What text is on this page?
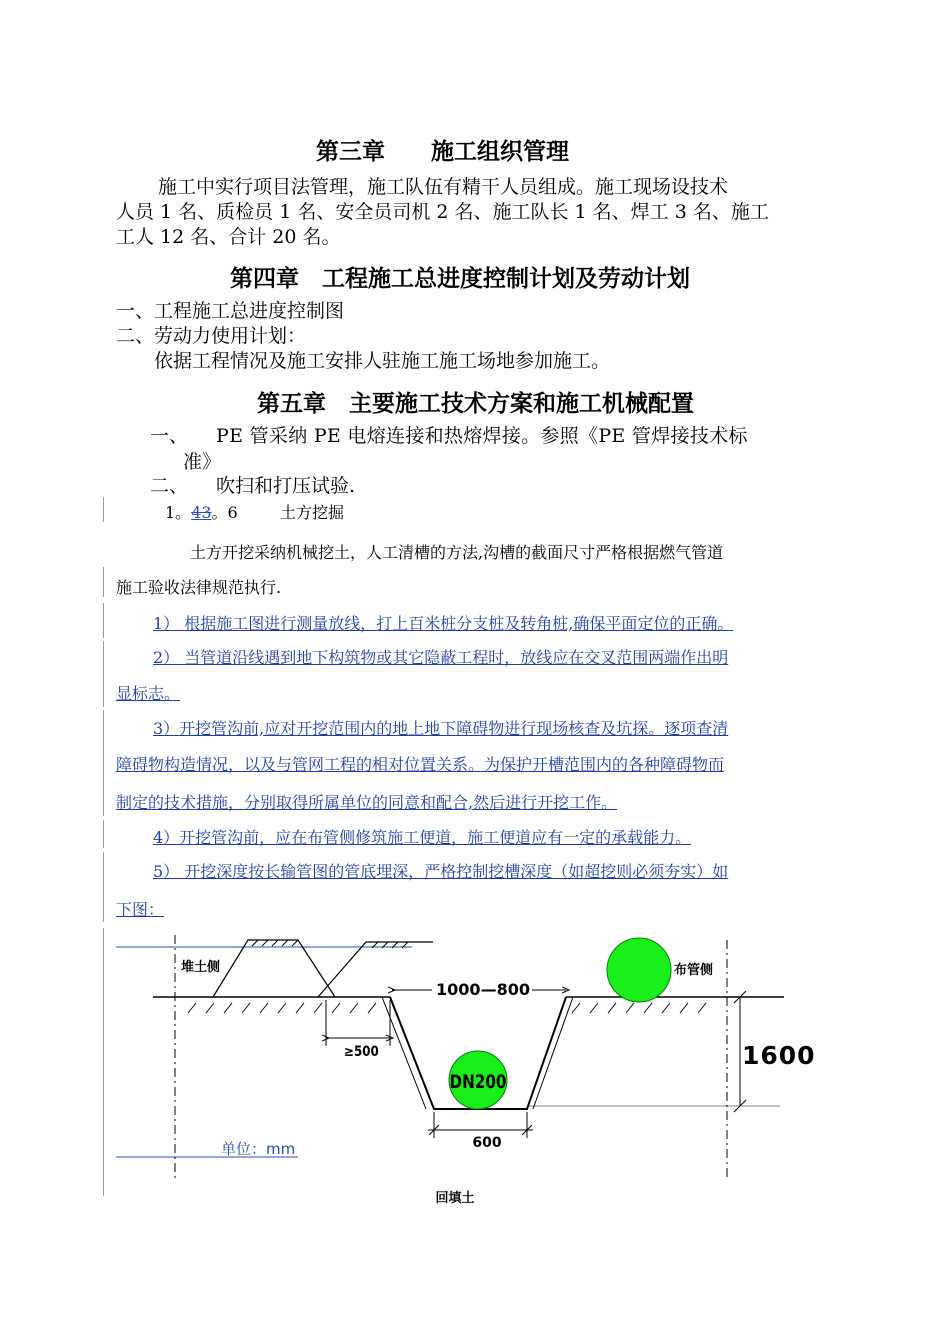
第三章　　施工组织管理
施工中实行项目法管理，施工队伍有精干人员组成。施工现场设技术
人员 1 名、质检员 1 名、安全员司机 2 名、施工队长 1 名、焊工 3 名、施工
工人 12 名、合计 20 名。
第四章　工程施工总进度控制计划及劳动计划
一、工程施工总进度控制图
二、劳动力使用计划：
依据工程情况及施工安排人驻施工施工场地参加施工。
第五章　主要施工技术方案和施工机械配置
一、 PE 管采纳 PE 电熔连接和热熔焊接。参照《PE 管焊接技术标
准》
二、 吹扫和打压试验.
1。43。6	土方挖掘
土方开挖采纳机械挖土，人工清槽的方法,沟槽的截面尺寸严格根据燃气管道
施工验收法律规范执行.
1） 根据施工图进行测量放线，打上百米桩分支桩及转角桩,确保平面定位的正确。
2） 当管道沿线遇到地下构筑物或其它隐蔽工程时，放线应在交叉范围两端作出明
显标志。
3）开挖管沟前,应对开挖范围内的地上地下障碍物进行现场核查及坑探。逐项查清
障碍物构造情况，以及与管网工程的相对位置关系。为保护开槽范围内的各种障碍物而
制定的技术措施，分别取得所属单位的同意和配合,然后进行开挖工作。
4）开挖管沟前，应在布管侧修筑施工便道，施工便道应有一定的承载能力。
5） 开挖深度按长输管图的管底埋深，严格控制挖槽深度（如超挖则必须夯实）如
下图：
1000—800
≥500
DN200
堆土侧	布管侧
1600
600
单位：mm
回填土
